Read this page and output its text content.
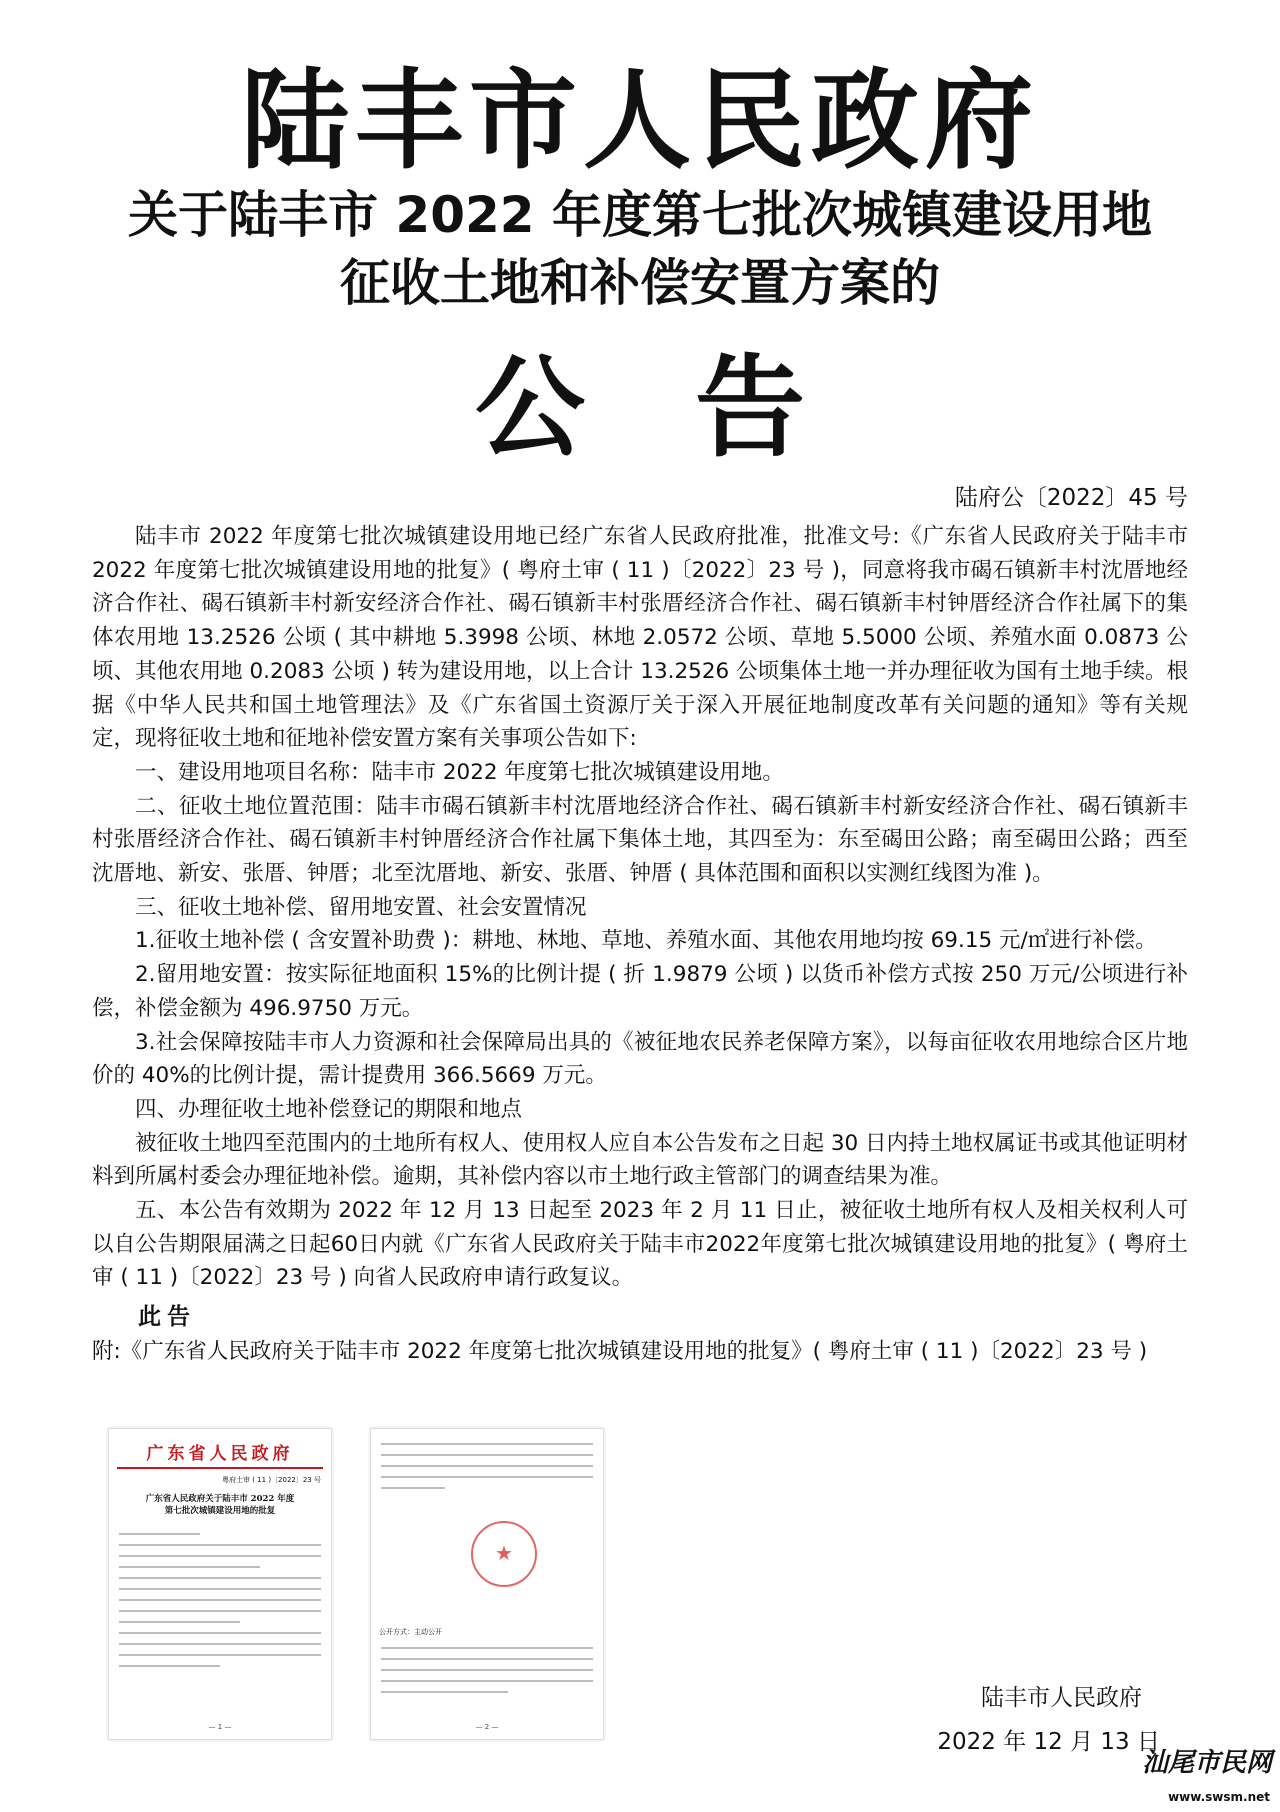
陆丰市人民政府
关于陆丰市 2022 年度第七批次城镇建设用地
征收土地和补偿安置方案的
公告
陆府公〔2022〕45 号

陆丰市 2022 年度第七批次城镇建设用地已经广东省人民政府批准，批准文号:《广东省人民政府关于陆丰市 2022 年度第七批次城镇建设用地的批复》( 粤府土审 ( 11 )〔2022〕23 号 )，同意将我市碣石镇新丰村沈厝地经济合作社、碣石镇新丰村新安经济合作社、碣石镇新丰村张厝经济合作社、碣石镇新丰村钟厝经济合作社属下的集体农用地 13.2526 公顷 ( 其中耕地 5.3998 公顷、林地 2.0572 公顷、草地 5.5000 公顷、养殖水面 0.0873 公顷、其他农用地 0.2083 公顷 ) 转为建设用地，以上合计 13.2526 公顷集体土地一并办理征收为国有土地手续。根据《中华人民共和国土地管理法》及《广东省国土资源厅关于深入开展征地制度改革有关问题的通知》等有关规定，现将征收土地和征地补偿安置方案有关事项公告如下:

一、建设用地项目名称：陆丰市 2022 年度第七批次城镇建设用地。

二、征收土地位置范围：陆丰市碣石镇新丰村沈厝地经济合作社、碣石镇新丰村新安经济合作社、碣石镇新丰村张厝经济合作社、碣石镇新丰村钟厝经济合作社属下集体土地，其四至为：东至碣田公路；南至碣田公路；西至沈厝地、新安、张厝、钟厝；北至沈厝地、新安、张厝、钟厝 ( 具体范围和面积以实测红线图为准 )。

三、征收土地补偿、留用地安置、社会安置情况

1.征收土地补偿 ( 含安置补助费 )：耕地、林地、草地、养殖水面、其他农用地均按 69.15 元/㎡进行补偿。

2.留用地安置：按实际征地面积 15%的比例计提 ( 折 1.9879 公顷 ) 以货币补偿方式按 250 万元/公顷进行补偿，补偿金额为 496.9750 万元。

3.社会保障按陆丰市人力资源和社会保障局出具的《被征地农民养老保障方案》，以每亩征收农用地综合区片地价的 40%的比例计提，需计提费用 366.5669 万元。

四、办理征收土地补偿登记的期限和地点

被征收土地四至范围内的土地所有权人、使用权人应自本公告发布之日起 30 日内持土地权属证书或其他证明材料到所属村委会办理征地补偿。逾期，其补偿内容以市土地行政主管部门的调查结果为准。

五、本公告有效期为 2022 年 12 月 13 日起至 2023 年 2 月 11 日止，被征收土地所有权人及相关权利人可以自公告期限届满之日起60日内就《广东省人民政府关于陆丰市2022年度第七批次城镇建设用地的批复》( 粤府土审 ( 11 )〔2022〕23 号 ) 向省人民政府申请行政复议。

此告

附:《广东省人民政府关于陆丰市 2022 年度第七批次城镇建设用地的批复》( 粤府土审 ( 11 )〔2022〕23 号 )

广东省人民政府
粤府土审 ( 11 )〔2022〕23 号
广东省人民政府关于陆丰市 2022 年度
第七批次城镇建设用地的批复
— 1 —
★
公开方式：主动公开
— 2 —
陆丰市人民政府
2022 年 12 月 13 日
汕尾市民网
www.swsm.net
